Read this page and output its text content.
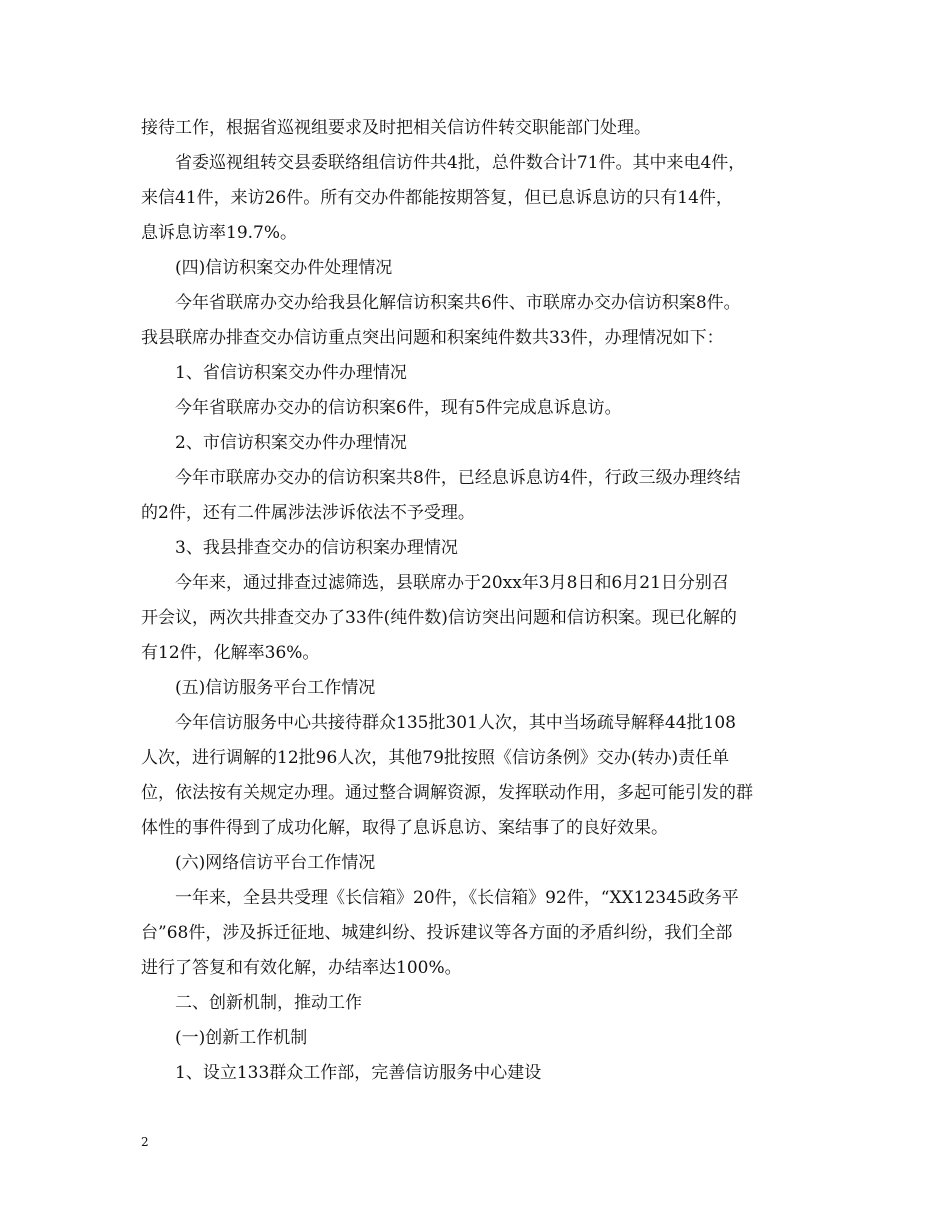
接待工作，根据省巡视组要求及时把相关信访件转交职能部门处理。
省委巡视组转交县委联络组信访件共4批，总件数合计71件。其中来电4件，
来信41件，来访26件。所有交办件都能按期答复，但已息诉息访的只有14件，
息诉息访率19.7%。
(四)信访积案交办件处理情况
今年省联席办交办给我县化解信访积案共6件、市联席办交办信访积案8件。
我县联席办排查交办信访重点突出问题和积案纯件数共33件，办理情况如下：
1、省信访积案交办件办理情况
今年省联席办交办的信访积案6件，现有5件完成息诉息访。
2、市信访积案交办件办理情况
今年市联席办交办的信访积案共8件，已经息诉息访4件，行政三级办理终结
的2件，还有二件属涉法涉诉依法不予受理。
3、我县排查交办的信访积案办理情况
今年来，通过排查过滤筛选，县联席办于20xx年3月8日和6月21日分别召
开会议，两次共排查交办了33件(纯件数)信访突出问题和信访积案。现已化解的
有12件，化解率36%。
(五)信访服务平台工作情况
今年信访服务中心共接待群众135批301人次，其中当场疏导解释44批108
人次，进行调解的12批96人次，其他79批按照《信访条例》交办(转办)责任单
位，依法按有关规定办理。通过整合调解资源，发挥联动作用，多起可能引发的群
体性的事件得到了成功化解，取得了息诉息访、案结事了的良好效果。
(六)网络信访平台工作情况
一年来，全县共受理《长信箱》20件，《长信箱》92件，“XX12345政务平
台”68件，涉及拆迁征地、城建纠纷、投诉建议等各方面的矛盾纠纷，我们全部
进行了答复和有效化解，办结率达100%。
二、创新机制，推动工作
(一)创新工作机制
1、设立133群众工作部，完善信访服务中心建设
2
